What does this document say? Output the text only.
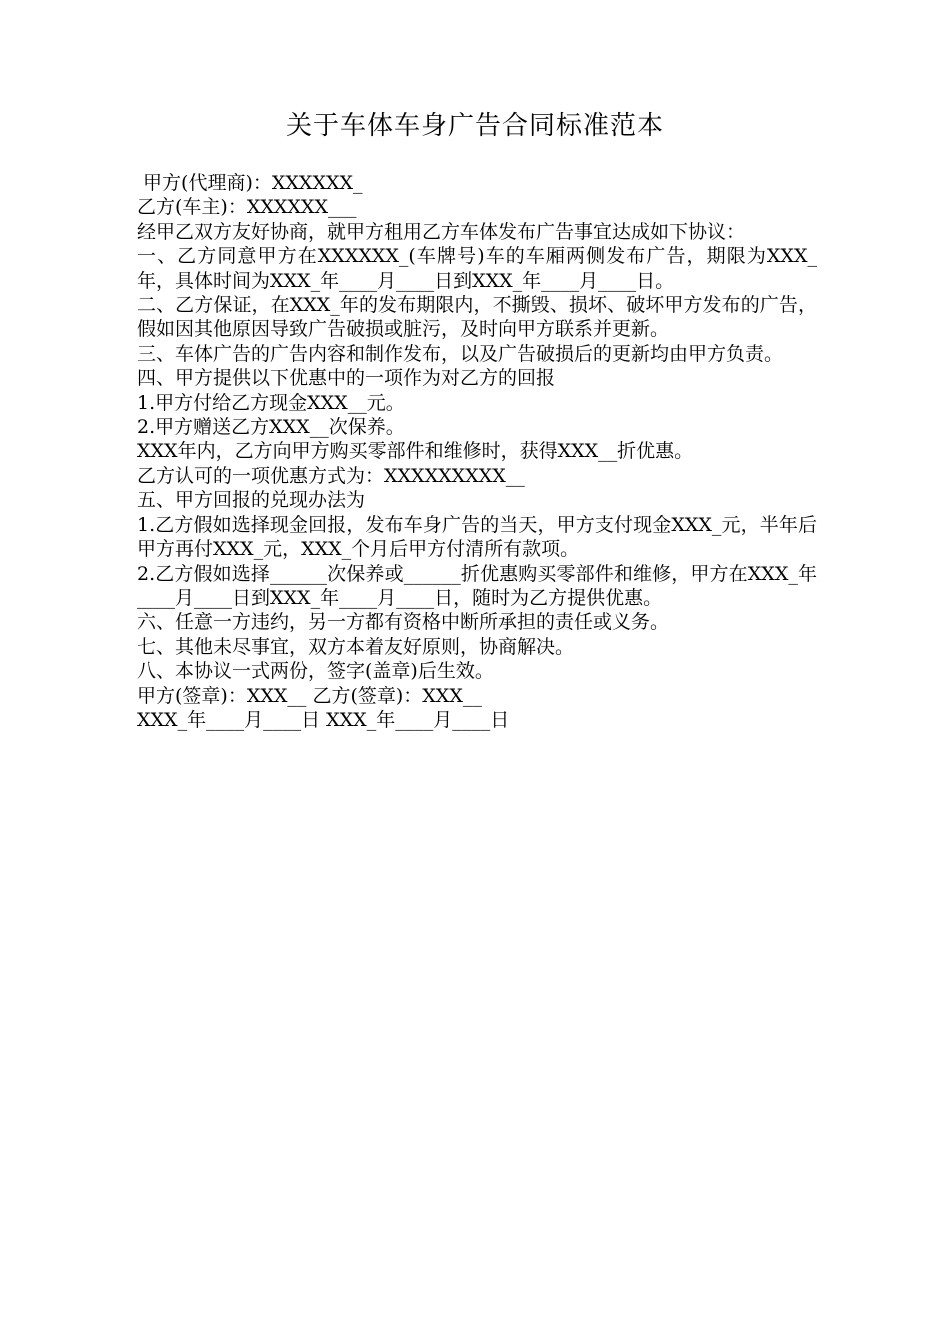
关于车体车身广告合同标准范本

甲方(代理商)：XXXXXX_

乙方(车主)：XXXXXX___

经甲乙双方友好协商，就甲方租用乙方车体发布广告事宜达成如下协议：

一、乙方同意甲方在XXXXXX_(车牌号)车的车厢两侧发布广告，期限为XXX_年，具体时间为XXX_年____月____日到XXX_年____月____日。

二、乙方保证，在XXX_年的发布期限内，不撕毁、损坏、破坏甲方发布的广告，假如因其他原因导致广告破损或脏污，及时向甲方联系并更新。

三、车体广告的广告内容和制作发布，以及广告破损后的更新均由甲方负责。

四、甲方提供以下优惠中的一项作为对乙方的回报

1.甲方付给乙方现金XXX__元。

2.甲方赠送乙方XXX__次保养。

XXX年内，乙方向甲方购买零部件和维修时，获得XXX__折优惠。

乙方认可的一项优惠方式为：XXXXXXXXX__

五、甲方回报的兑现办法为

1.乙方假如选择现金回报，发布车身广告的当天，甲方支付现金XXX_元，半年后甲方再付XXX_元，XXX_个月后甲方付清所有款项。

2.乙方假如选择______次保养或______折优惠购买零部件和维修，甲方在XXX_年____月____日到XXX_年____月____日，随时为乙方提供优惠。

六、任意一方违约，另一方都有资格中断所承担的责任或义务。

七、其他未尽事宜，双方本着友好原则，协商解决。

八、本协议一式两份，签字(盖章)后生效。

甲方(签章)：XXX__ 乙方(签章)：XXX__

XXX_年____月____日 XXX_年____月____日
